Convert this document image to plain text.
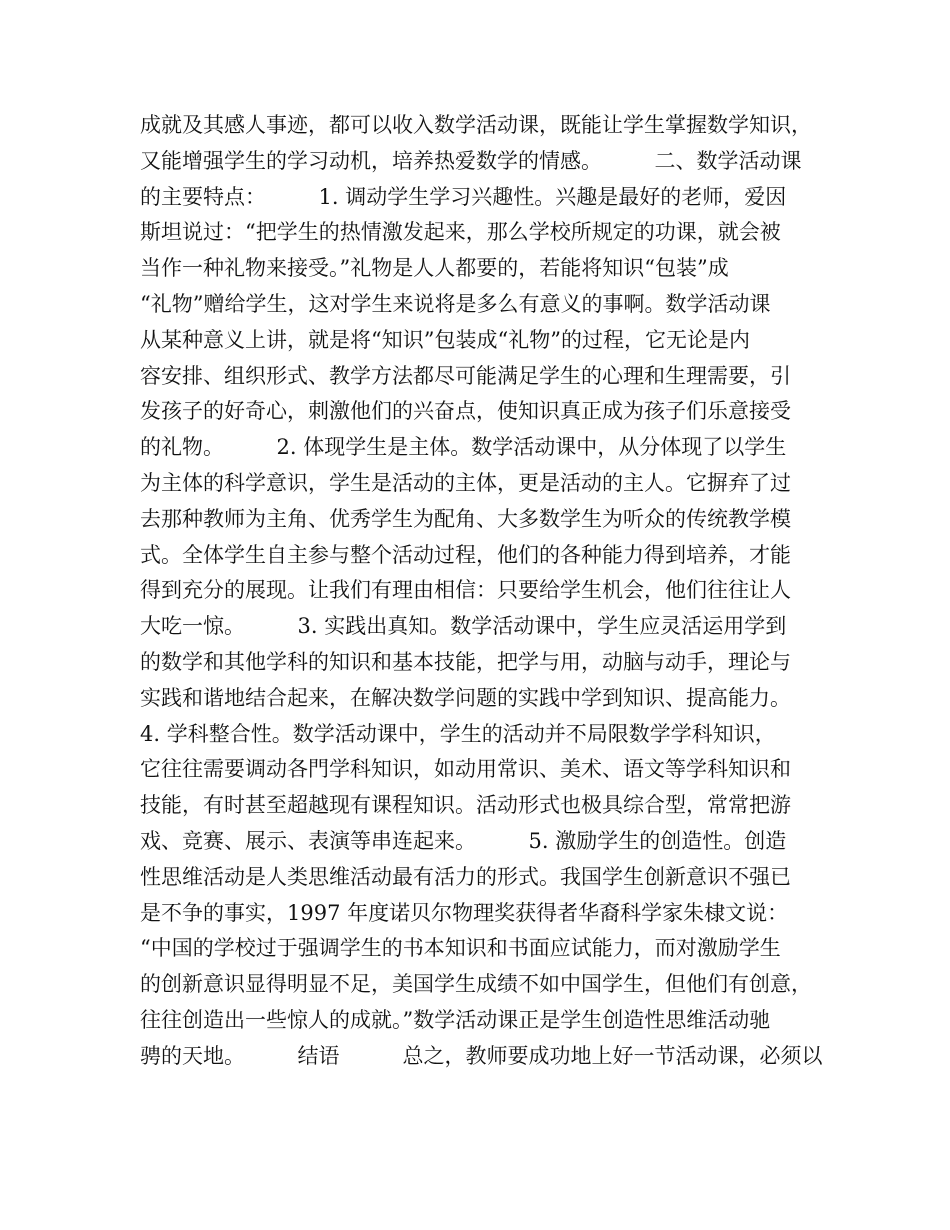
成就及其感人事迹，都可以收入数学活动课，既能让学生掌握数学知识，
又能增强学生的学习动机，培养热爱数学的情感。　　　二、数学活动课
的主要特点：　　　1. 调动学生学习兴趣性。兴趣是最好的老师，爱因
斯坦说过：“把学生的热情激发起来，那么学校所规定的功课，就会被
当作一种礼物来接受。”礼物是人人都要的，若能将知识“包装”成
“礼物”赠给学生，这对学生来说将是多么有意义的事啊。数学活动课
从某种意义上讲，就是将“知识”包装成“礼物”的过程，它无论是内
容安排、组织形式、教学方法都尽可能满足学生的心理和生理需要，引
发孩子的好奇心，刺激他们的兴奋点，使知识真正成为孩子们乐意接受
的礼物。　　　2. 体现学生是主体。数学活动课中，从分体现了以学生
为主体的科学意识，学生是活动的主体，更是活动的主人。它摒弃了过
去那种教师为主角、优秀学生为配角、大多数学生为听众的传统教学模
式。全体学生自主参与整个活动过程，他们的各种能力得到培养，才能
得到充分的展现。让我们有理由相信：只要给学生机会，他们往往让人
大吃一惊。　　　3. 实践出真知。数学活动课中，学生应灵活运用学到
的数学和其他学科的知识和基本技能，把学与用，动脑与动手，理论与
实践和谐地结合起来，在解决数学问题的实践中学到知识、提高能力。
4. 学科整合性。数学活动课中，学生的活动并不局限数学学科知识，
它往往需要调动各門学科知识，如动用常识、美术、语文等学科知识和
技能，有时甚至超越现有课程知识。活动形式也极具综合型，常常把游
戏、竞赛、展示、表演等串连起来。　　　5. 激励学生的创造性。创造
性思维活动是人类思维活动最有活力的形式。我国学生创新意识不强已
是不争的事实，1997 年度诺贝尔物理奖获得者华裔科学家朱棣文说：
“中国的学校过于强调学生的书本知识和书面应试能力，而对激励学生
的创新意识显得明显不足，美国学生成绩不如中国学生，但他们有创意，
往往创造出一些惊人的成就。”数学活动课正是学生创造性思维活动驰
骋的天地。　　　结语　　　总之，教师要成功地上好一节活动课，必须以
